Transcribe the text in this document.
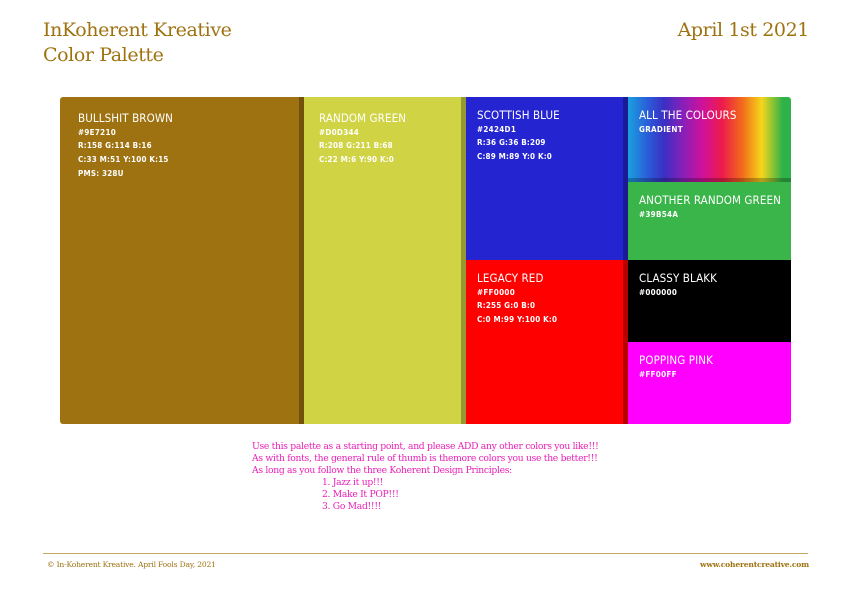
InKoherent Kreative
Color Palette
April 1st 2021
BULLSHIT BROWN
#9E7210
R:158 G:114 B:16
C:33 M:51 Y:100 K:15
PMS: 328U
RANDOM GREEN
#D0D344
R:208 G:211 B:68
C:22 M:6 Y:90 K:0
SCOTTISH BLUE
#2424D1
R:36 G:36 B:209
C:89 M:89 Y:0 K:0
LEGACY RED
#FF0000
R:255 G:0 B:0
C:0 M:99 Y:100 K:0
ALL THE COLOURS
GRADIENT
ANOTHER RANDOM GREEN
#39B54A
CLASSY BLAKK
#000000
POPPING PINK
#FF00FF
Use this palette as a starting point, and please ADD any other colors you like!!!
As with fonts, the general rule of thumb is themore colors you use the better!!!
As long as you follow the three Koherent Design Principles:
1. Jazz it up!!!
2. Make It POP!!!
3. Go Mad!!!!
© In-Koherent Kreative. April Fools Day, 2021	www.coherentcreative.com
